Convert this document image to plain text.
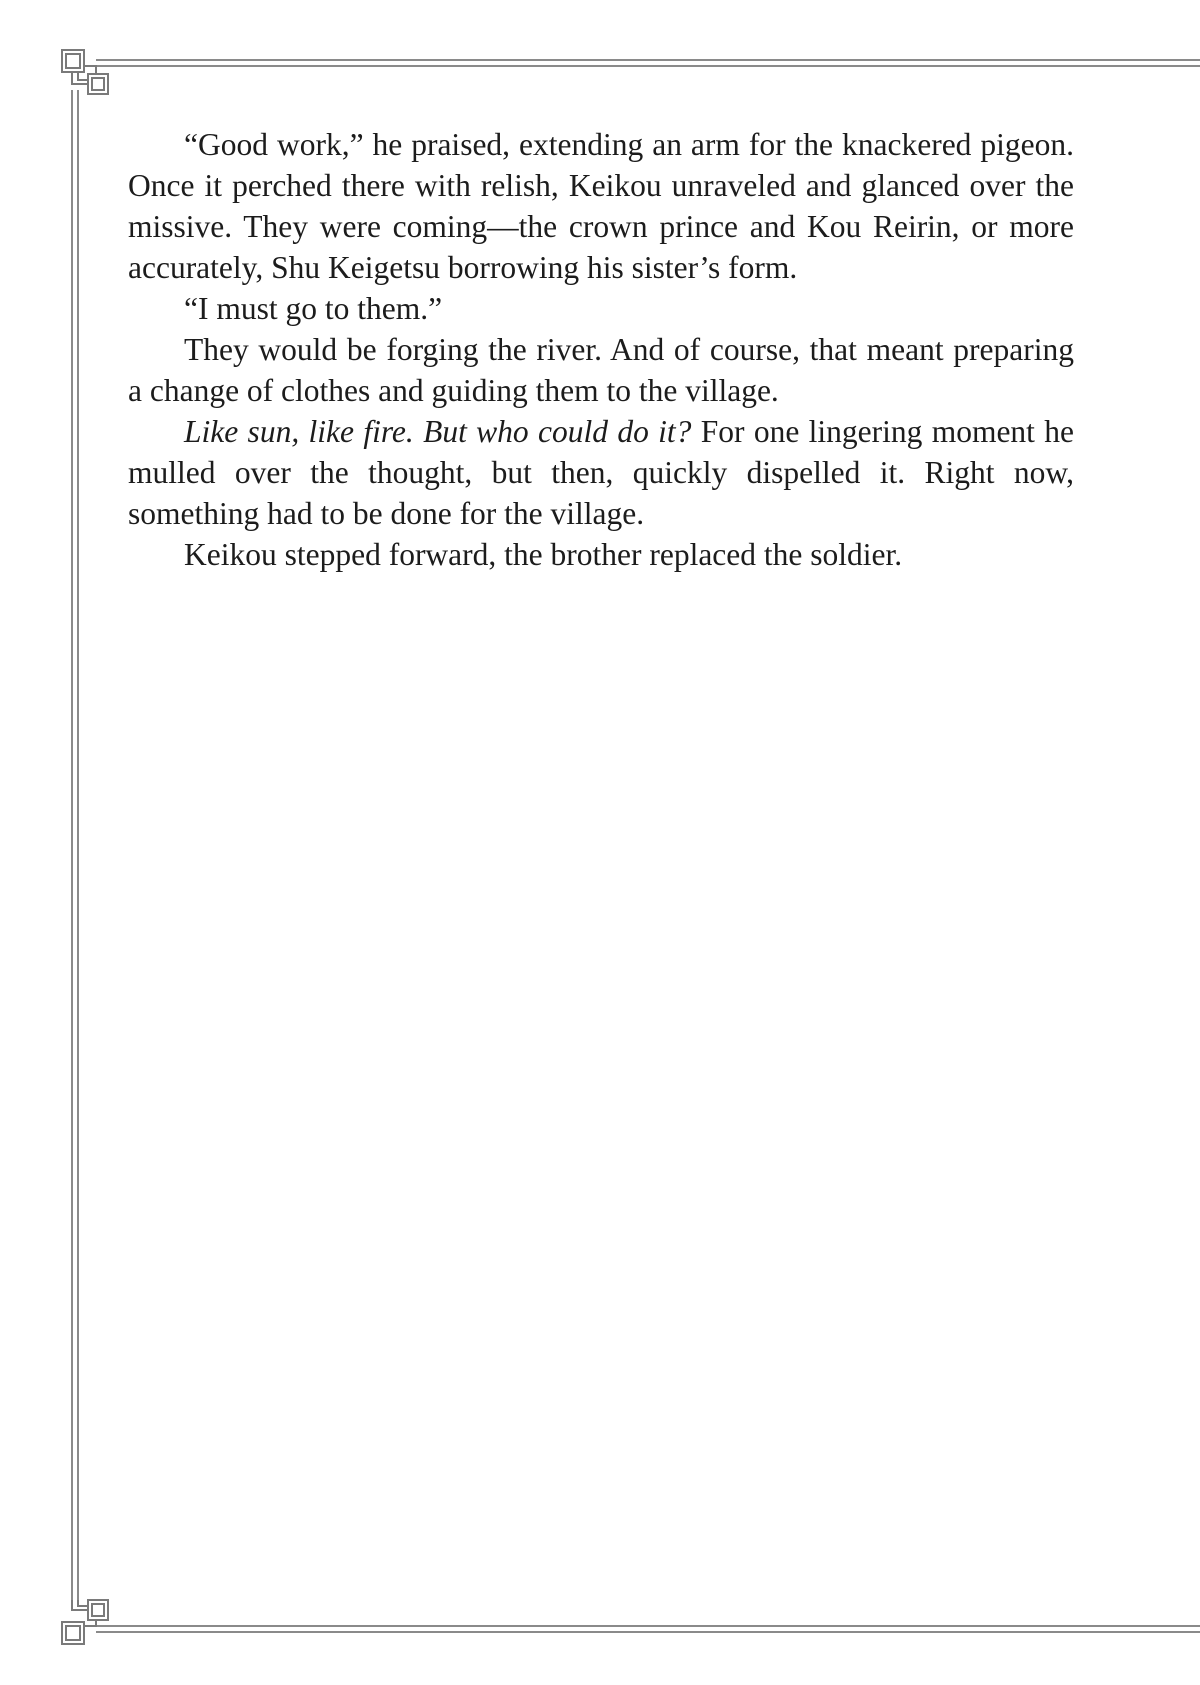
“Good work,” he praised, extending an arm for the knackered pigeon. Once it perched there with relish, Keikou unraveled and glanced over the missive. They were coming—the crown prince and Kou Reirin, or more accurately, Shu Keigetsu borrowing his sister’s form.

“I must go to them.”

They would be forging the river. And of course, that meant preparing a change of clothes and guiding them to the village.

Like sun, like fire. But who could do it? For one lingering moment he mulled over the thought, but then, quickly dispelled it. Right now, something had to be done for the village.

Keikou stepped forward, the brother replaced the soldier.
